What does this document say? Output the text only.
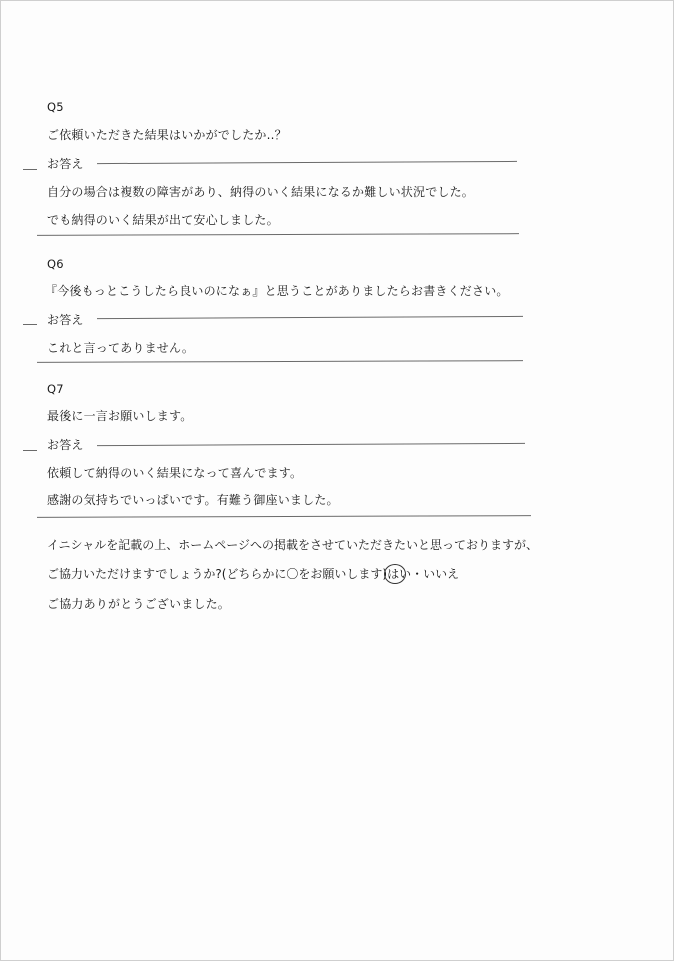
Q5
ご依頼いただきた結果はいかがでしたか..？
お答え
自分の場合は複数の障害があり、納得のいく結果になるか難しい状況でした。
でも納得のいく結果が出て安心しました。
Q6
『今後もっとこうしたら良いのになぁ』と思うことがありましたらお書きください。
お答え
これと言ってありません。
Q7
最後に一言お願いします。
お答え
依頼して納得のいく結果になって喜んでます。
感謝の気持ちでいっぱいです。有難う御座いました。
イニシャルを記載の上、ホームページへの掲載をさせていただきたいと思っておりますが、
ご協力いただけますでしょうか?(どちらかに〇をお願いします)はい・いいえ
ご協力ありがとうございました。
